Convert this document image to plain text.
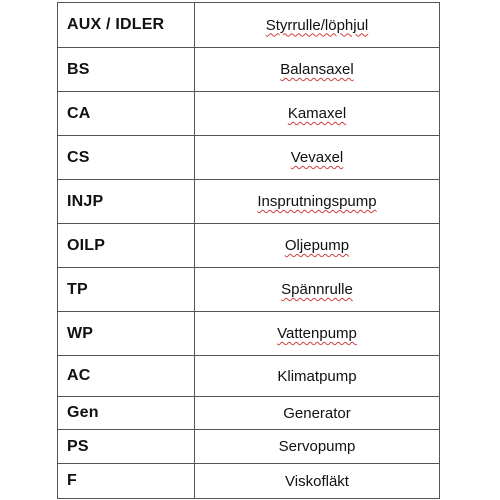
AUX / IDLER	Styrrulle/löphjul
BS	Balansaxel
CA	Kamaxel
CS	Vevaxel
INJP	Insprutningspump
OILP	Oljepump
TP	Spännrulle
WP	Vattenpump
AC	Klimatpump
Gen	Generator
PS	Servopump
F	Viskofläkt
